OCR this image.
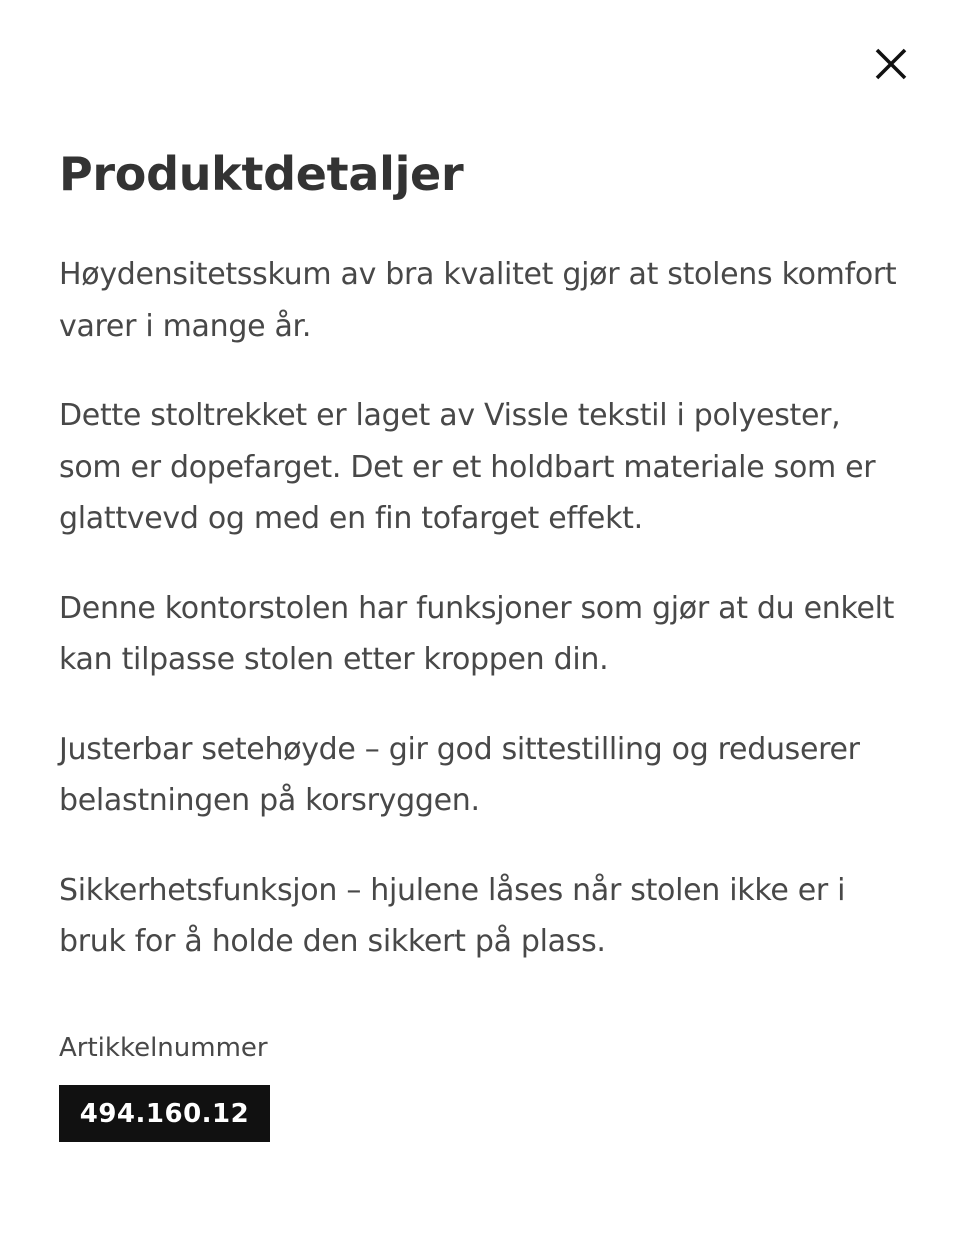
Produktdetaljer

Høydensitetsskum av bra kvalitet gjør at stolens komfort varer i mange år.

Dette stoltrekket er laget av Vissle tekstil i polyester, som er dopefarget. Det er et holdbart materiale som er glattvevd og med en fin tofarget effekt.

Denne kontorstolen har funksjoner som gjør at du enkelt kan tilpasse stolen etter kroppen din.

Justerbar setehøyde – gir god sittestilling og reduserer belastningen på korsryggen.

Sikkerhetsfunksjon – hjulene låses når stolen ikke er i bruk for å holde den sikkert på plass.

Artikkelnummer
494.160.12
